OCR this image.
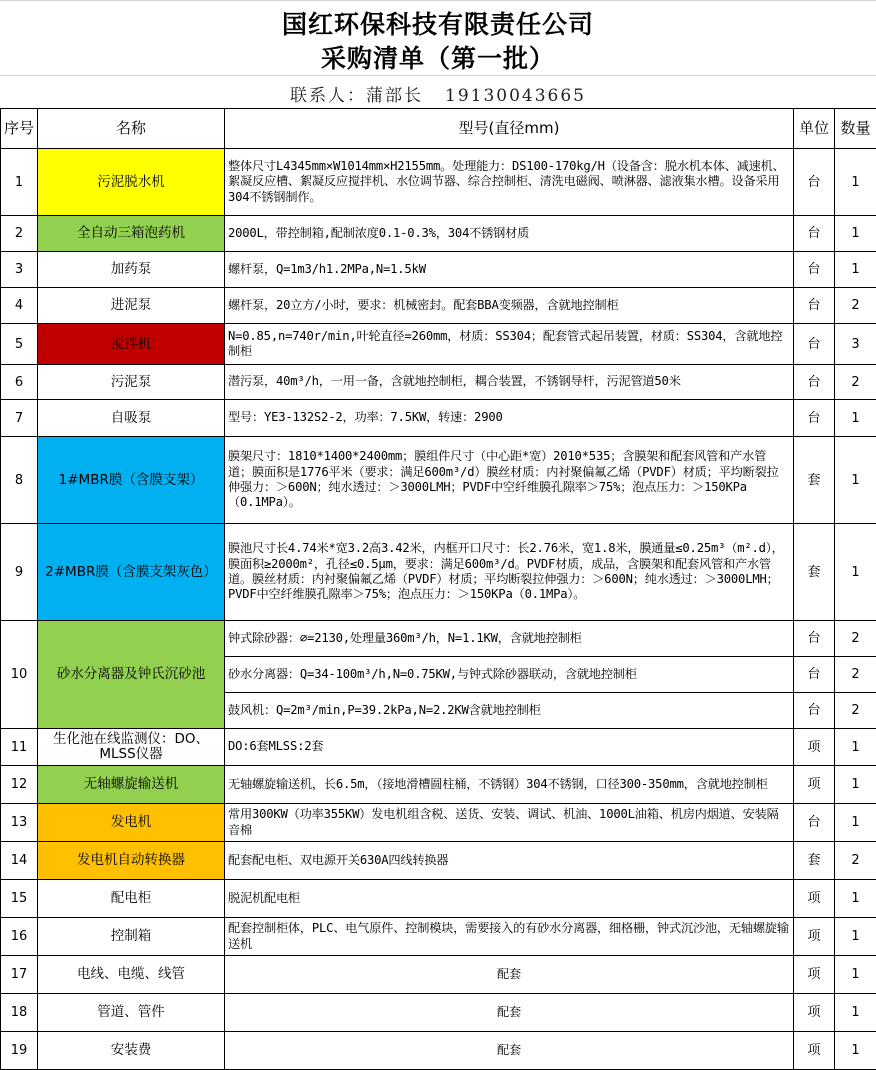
国红环保科技有限责任公司
采购清单（第一批）
联系人：蒲部长 19130043665
序号	名称	型号(直径mm)	单位	数量
1	污泥脱水机	整体尺寸L4345mm×W1014mm×H2155mm。处理能力：DS100-170kg/H（设备含：脱水机本体、减速机、絮凝反应槽、絮凝反应搅拌机、水位调节器、综合控制柜、清洗电磁阀、喷淋器、滤液集水槽。设备采用304不锈钢制作。	台	1
2	全自动三箱泡药机	2000L，带控制箱,配制浓度0.1-0.3%，304不锈钢材质	台	1
3	加药泵	螺杆泵，Q=1m3/h1.2MPa,N=1.5kW	台	1
4	进泥泵	螺杆泵，20立方/小时，要求：机械密封。配套BBA变频器，含就地控制柜	台	2
5	搅拌机	N=0.85,n=740r/min,叶轮直径=260mm，材质：SS304；配套管式起吊装置，材质：SS304，含就地控制柜	台	3
6	污泥泵	潜污泵，40m³/h，一用一备，含就地控制柜，耦合装置，不锈钢导杆，污泥管道50米	台	2
7	自吸泵	型号：YE3-132S2-2，功率：7.5KW，转速：2900	台	1
8	1#MBR膜（含膜支架）	膜架尺寸：1810*1400*2400mm；膜组件尺寸（中心距*宽）2010*535；含膜架和配套风管和产水管道；膜面积是1776平米（要求：满足600m³/d）膜丝材质：内衬聚偏氟乙烯（PVDF）材质；平均断裂拉伸强力：＞600N；纯水透过：＞3000LMH；PVDF中空纤维膜孔隙率＞75%；泡点压力：＞150KPa（0.1MPa）。	套	1
9	2#MBR膜（含膜支架灰色）	膜池尺寸长4.74米*宽3.2高3.42米，内框开口尺寸：长2.76米，宽1.8米，膜通量≤0.25m³（m².d），膜面积≥2000m²，孔径≤0.5μm，要求：满足600m³/d。PVDF材质，成品，含膜架和配套风管和产水管道。膜丝材质：内衬聚偏氟乙烯（PVDF）材质；平均断裂拉伸强力：＞600N；纯水透过：＞3000LMH；PVDF中空纤维膜孔隙率＞75%；泡点压力：＞150KPa（0.1MPa）。	套	1
10	砂水分离器及钟氏沉砂池	钟式除砂器：∅=2130,处理量360m³/h，N=1.1KW，含就地控制柜	台	2
		砂水分离器：Q=34-100m³/h,N=0.75KW,与钟式除砂器联动，含就地控制柜	台	2
		鼓风机：Q=2m³/min,P=39.2kPa,N=2.2KW含就地控制柜	台	2
11	生化池在线监测仪：DO、MLSS仪器	DO:6套MLSS:2套	项	1
12	无轴螺旋输送机	无轴螺旋输送机，长6.5m，（接地滑槽圆柱桶，不锈钢）304不锈钢，口径300-350mm，含就地控制柜	项	1
13	发电机	常用300KW（功率355KW）发电机组含税、送货、安装、调试、机油、1000L油箱、机房内烟道、安装隔音棉	台	1
14	发电机自动转换器	配套配电柜、双电源开关630A四线转换器	套	2
15	配电柜	脱泥机配电柜	项	1
16	控制箱	配套控制柜体，PLC、电气原件、控制模块，需要接入的有砂水分离器，细格栅，钟式沉沙池，无轴螺旋输送机	项	1
17	电线、电缆、线管	配套	项	1
18	管道、管件	配套	项	1
19	安装费	配套	项	1
